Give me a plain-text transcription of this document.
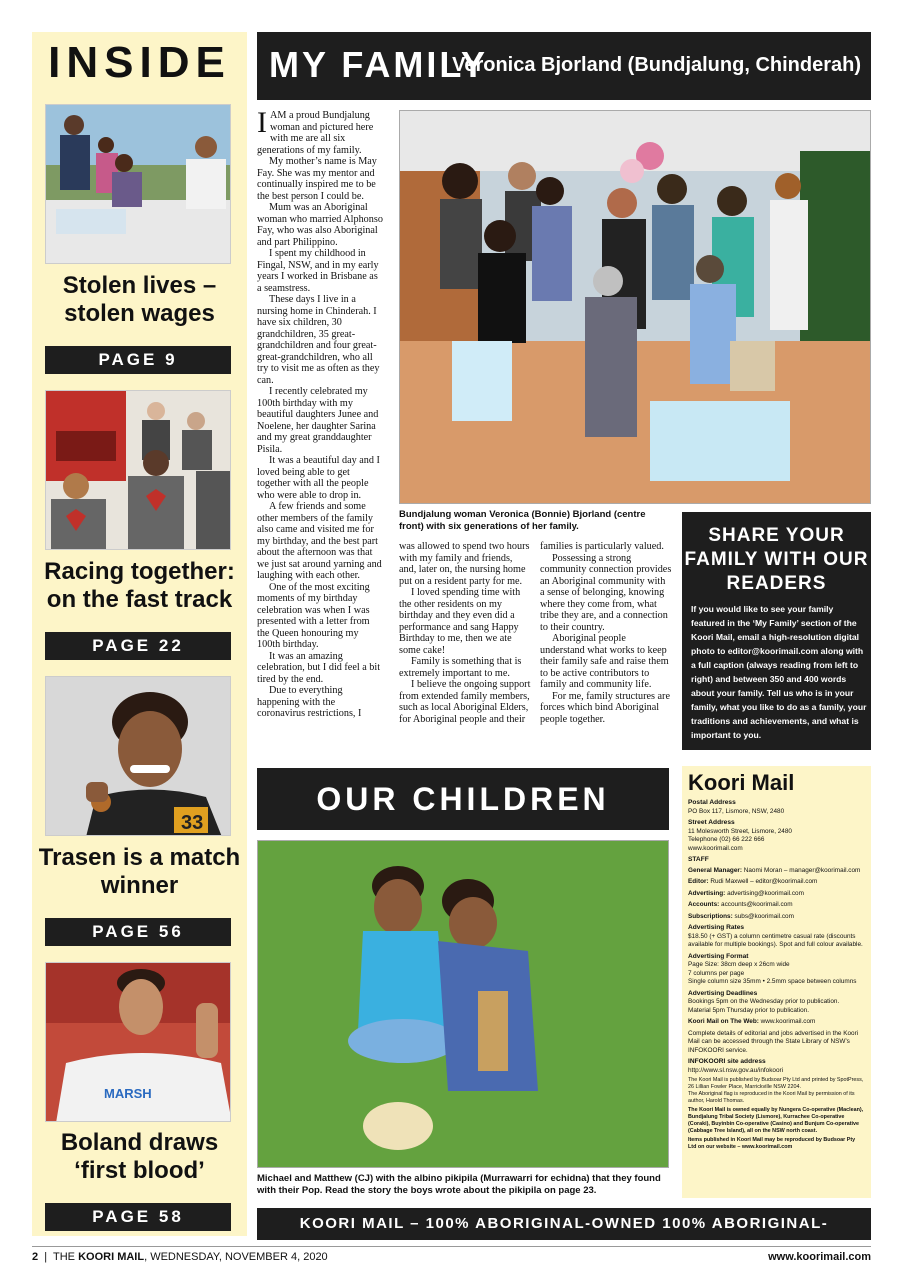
INSIDE
Stolen lives – stolen wages
PAGE 9
Racing together: on the fast track
PAGE 22
33
Trasen is a match winner
PAGE 56
MARSH
Boland draws ‘first blood’
PAGE 58
MY FAMILY
Veronica Bjorland (Bundjalung, Chinderah)

IAM a proud Bundjalung woman and pictured here with me are all six generations of my family.

My mother’s name is May Fay. She was my mentor and continually inspired me to be the best person I could be.

Mum was an Aboriginal woman who married Alphonso Fay, who was also Aboriginal and part Philippino.

I spent my childhood in Fingal, NSW, and in my early years I worked in Brisbane as a seamstress.

These days I live in a nursing home in Chinderah. I have six children, 30 grandchildren, 35 great-grandchildren and four great-great-grandchildren, who all try to visit me as often as they can.

I recently celebrated my 100th birthday with my beautiful daughters Junee and Noelene, her daughter Sarina and my great granddaughter Pisila.

It was a beautiful day and I loved being able to get together with all the people who were able to drop in.

A few friends and some other members of the family also came and visited me for my birthday, and the best part about the afternoon was that we just sat around yarning and laughing with each other.

One of the most exciting moments of my birthday celebration was when I was presented with a letter from the Queen honouring my 100th birthday.

It was an amazing celebration, but I did feel a bit tired by the end.

Due to everything happening with the coronavirus restrictions, I

Bundjalung woman Veronica (Bonnie) Bjorland (centre front) with six generations of her family.

was allowed to spend two hours with my family and friends, and, later on, the nursing home put on a resident party for me.

I loved spending time with the other residents on my birthday and they even did a performance and sang Happy Birthday to me, then we ate some cake!

Family is something that is extremely important to me.

I believe the ongoing support from extended family members, such as local Aboriginal Elders, for Aboriginal people and their

families is particularly valued.

Possessing a strong community connection provides an Aboriginal community with a sense of belonging, knowing where they come from, what tribe they are, and a connection to their country.

Aboriginal people understand what works to keep their family safe and raise them to be active contributors to family and community life.

For me, family structures are forces which bind Aboriginal people together.

SHARE YOUR FAMILY WITH OUR READERS
If you would like to see your family featured in the ‘My Family’ section of the Koori Mail, email a high-resolution digital photo to editor@koorimail.com along with a full caption (always reading from left to right) and between 350 and 400 words about your family. Tell us who is in your family, what you like to do as a family, your traditions and achievements, and what is important to you.
OUR CHILDREN
Michael and Matthew (CJ) with the albino pikipila (Murrawarri for echidna) that they found with their Pop. Read the story the boys wrote about the pikipila on page 23.
Koori Mail
Postal Address
PO Box 117, Lismore, NSW, 2480
Street Address
11 Molesworth Street, Lismore, 2480
Telephone (02) 66 222 666
www.koorimail.com
STAFF
General Manager: Naomi Moran – manager@koorimail.com
Editor: Rudi Maxwell – editor@koorimail.com
Advertising: advertising@koorimail.com
Accounts: accounts@koorimail.com
Subscriptions: subs@koorimail.com
Advertising Rates
$18.50 (+ GST) a column centimetre casual rate (discounts available for multiple bookings). Spot and full colour available.
Advertising Format
Page Size: 38cm deep x 26cm wide
7 columns per page
Single column size 35mm • 2.5mm space between columns
Advertising Deadlines
Bookings 5pm on the Wednesday prior to publication.
Material 5pm Thursday prior to publication.
Koori Mail on The Web: www.koorimail.com
Complete details of editorial and jobs advertised in the Koori Mail can be accessed through the State Library of NSW’s INFOKOORI service.
INFOKOORI site address
http://www.sl.nsw.gov.au/infokoori
The Koori Mail is published by Budsoar Pty Ltd and printed by SpotPress, 26 Lillian Fowler Place, Marrickville NSW 2204.
The Aboriginal flag is reproduced in the Koori Mail by permission of its author, Harold Thomas.
The Koori Mail is owned equally by Nungera Co-operative (Maclean), Bundjalung Tribal Society (Lismore), Kurrachee Co-operative (Coraki), Buyinbin Co-operative (Casino) and Bunjum Co-operative (Cabbage Tree Island), all on the NSW north coast.
Items published in Koori Mail may be reproduced by Budsoar Pty Ltd on our website – www.koorimail.com
KOORI MAIL – 100% ABORIGINAL-OWNED 100% ABORIGINAL-CONTROLLED
2  |  THE KOORI MAIL, WEDNESDAY, NOVEMBER 4, 2020	www.koorimail.com
